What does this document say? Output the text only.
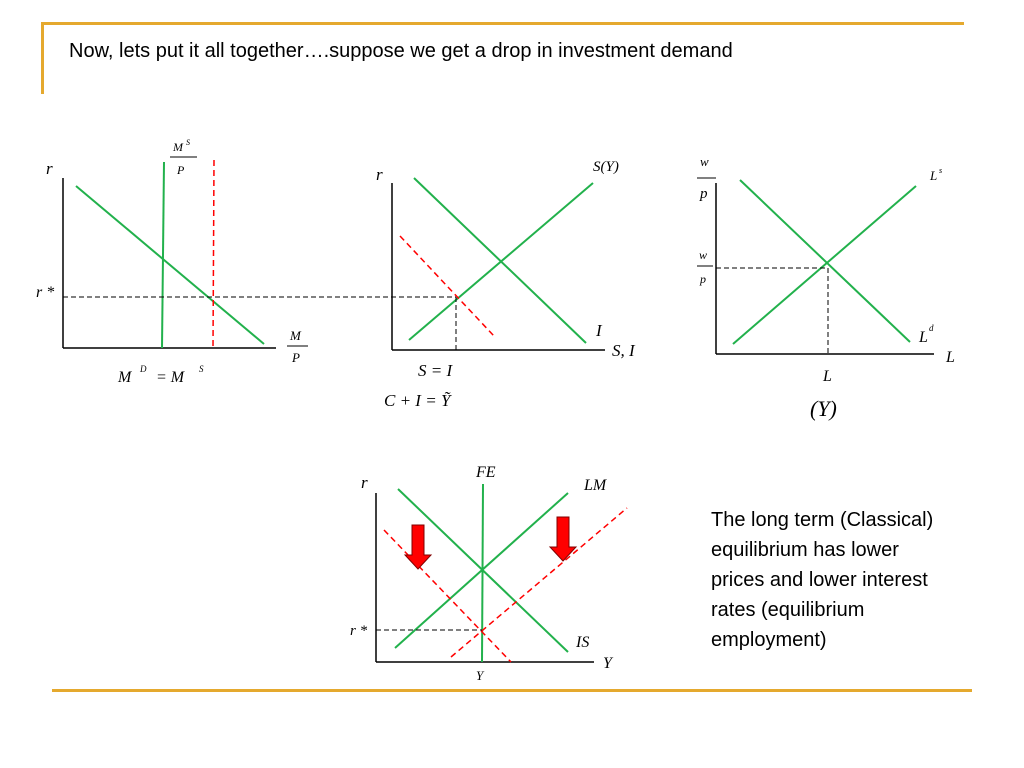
Now, lets put it all together….suppose we get a drop in investment demand
r
M S
P
M
P
r *
M D = M S
r	S(Y)
I
S, I
S = I
C + I = Ỹ
w
p
w
p
L s
L
d
L
L
(Y)
r
FE
LM
IS
Y
r *
Y
The long term (Classical)
equilibrium has lower
prices and lower interest
rates (equilibrium
employment)
